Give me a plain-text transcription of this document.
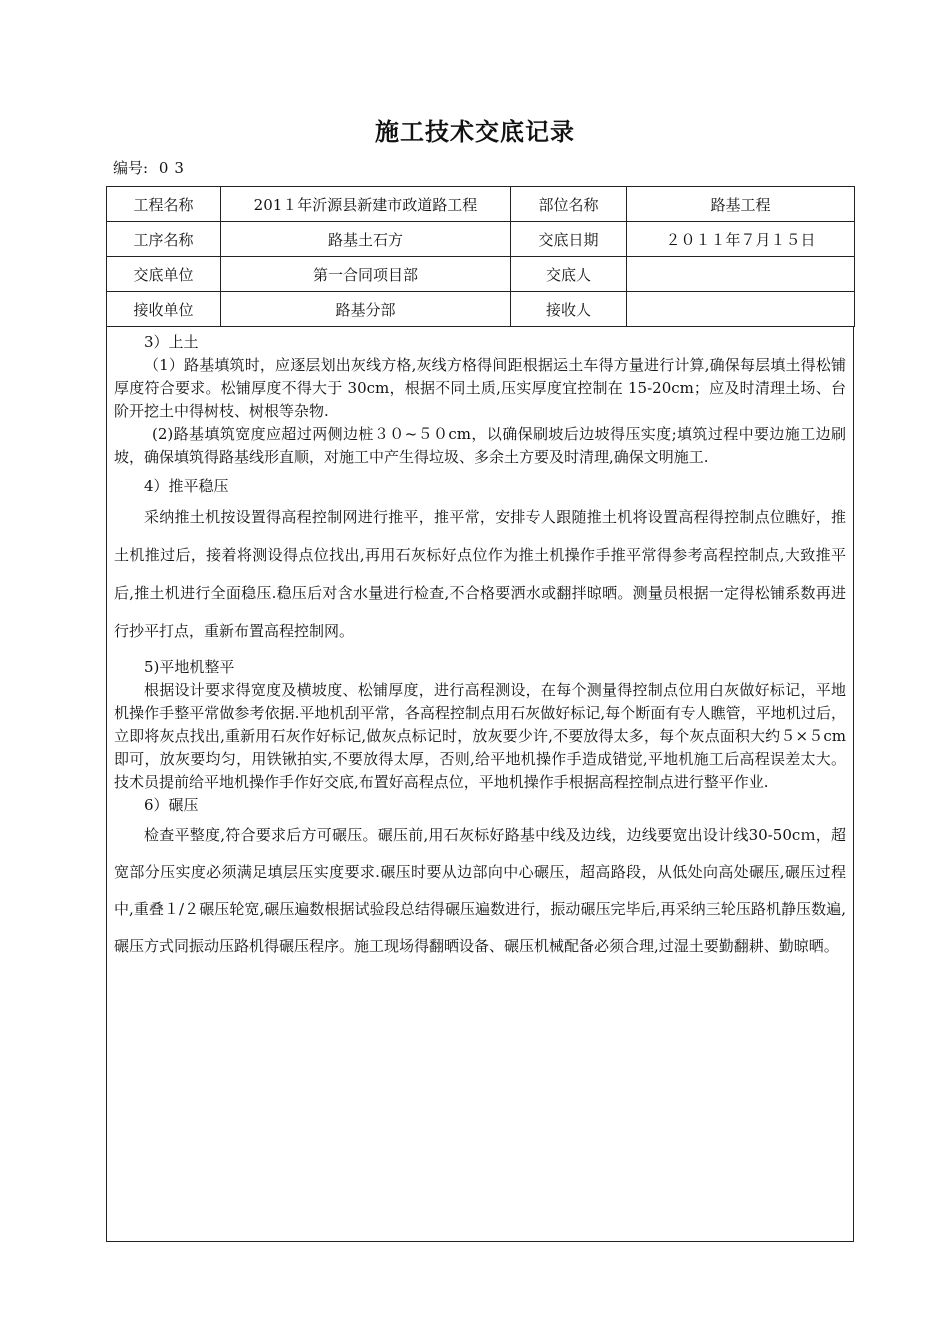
施工技术交底记录
编号: 03
工程名称	201１年沂源县新建市政道路工程	部位名称	路基工程
工序名称	路基土石方	交底日期	２０１１年７月１５日
交底单位	第一合同项目部	交底人	
接收单位	路基分部	接收人	

3）上土

（1）路基填筑时，应逐层划出灰线方格,灰线方格得间距根据运土车得方量进行计算,确保每层填土得松铺厚度符合要求。松铺厚度不得大于 30cm，根据不同土质,压实厚度宜控制在 15-20cm；应及时清理土场、台阶开挖土中得树枝、树根等杂物.

(2)路基填筑宽度应超过两侧边桩３０~５０cm，以确保刷坡后边坡得压实度;填筑过程中要边施工边刷坡，确保填筑得路基线形直顺，对施工中产生得垃圾、多余土方要及时清理,确保文明施工.

4）推平稳压

采纳推土机按设置得高程控制网进行推平，推平常，安排专人跟随推土机将设置高程得控制点位瞧好，推土机推过后，接着将测设得点位找出,再用石灰标好点位作为推土机操作手推平常得参考高程控制点,大致推平后,推土机进行全面稳压.稳压后对含水量进行检查,不合格要洒水或翻拌晾晒。测量员根据一定得松铺系数再进行抄平打点，重新布置高程控制网。

5)平地机整平

根据设计要求得宽度及横坡度、松铺厚度，进行高程测设，在每个测量得控制点位用白灰做好标记，平地机操作手整平常做参考依据.平地机刮平常，各高程控制点用石灰做好标记,每个断面有专人瞧管，平地机过后，立即将灰点找出,重新用石灰作好标记,做灰点标记时，放灰要少许,不要放得太多，每个灰点面积大约５×５cm即可，放灰要均匀，用铁锹拍实,不要放得太厚，否则,给平地机操作手造成错觉,平地机施工后高程误差太大。技术员提前给平地机操作手作好交底,布置好高程点位，平地机操作手根据高程控制点进行整平作业.

6）碾压

检查平整度,符合要求后方可碾压。碾压前,用石灰标好路基中线及边线，边线要宽出设计线30-50cｍ，超宽部分压实度必须满足填层压实度要求.碾压时要从边部向中心碾压，超高路段，从低处向高处碾压,碾压过程中,重叠１/２碾压轮宽,碾压遍数根据试验段总结得碾压遍数进行，振动碾压完毕后,再采纳三轮压路机静压数遍,碾压方式同振动压路机得碾压程序。施工现场得翻晒设备、碾压机械配备必须合理,过湿土要勤翻耕、勤晾晒。
